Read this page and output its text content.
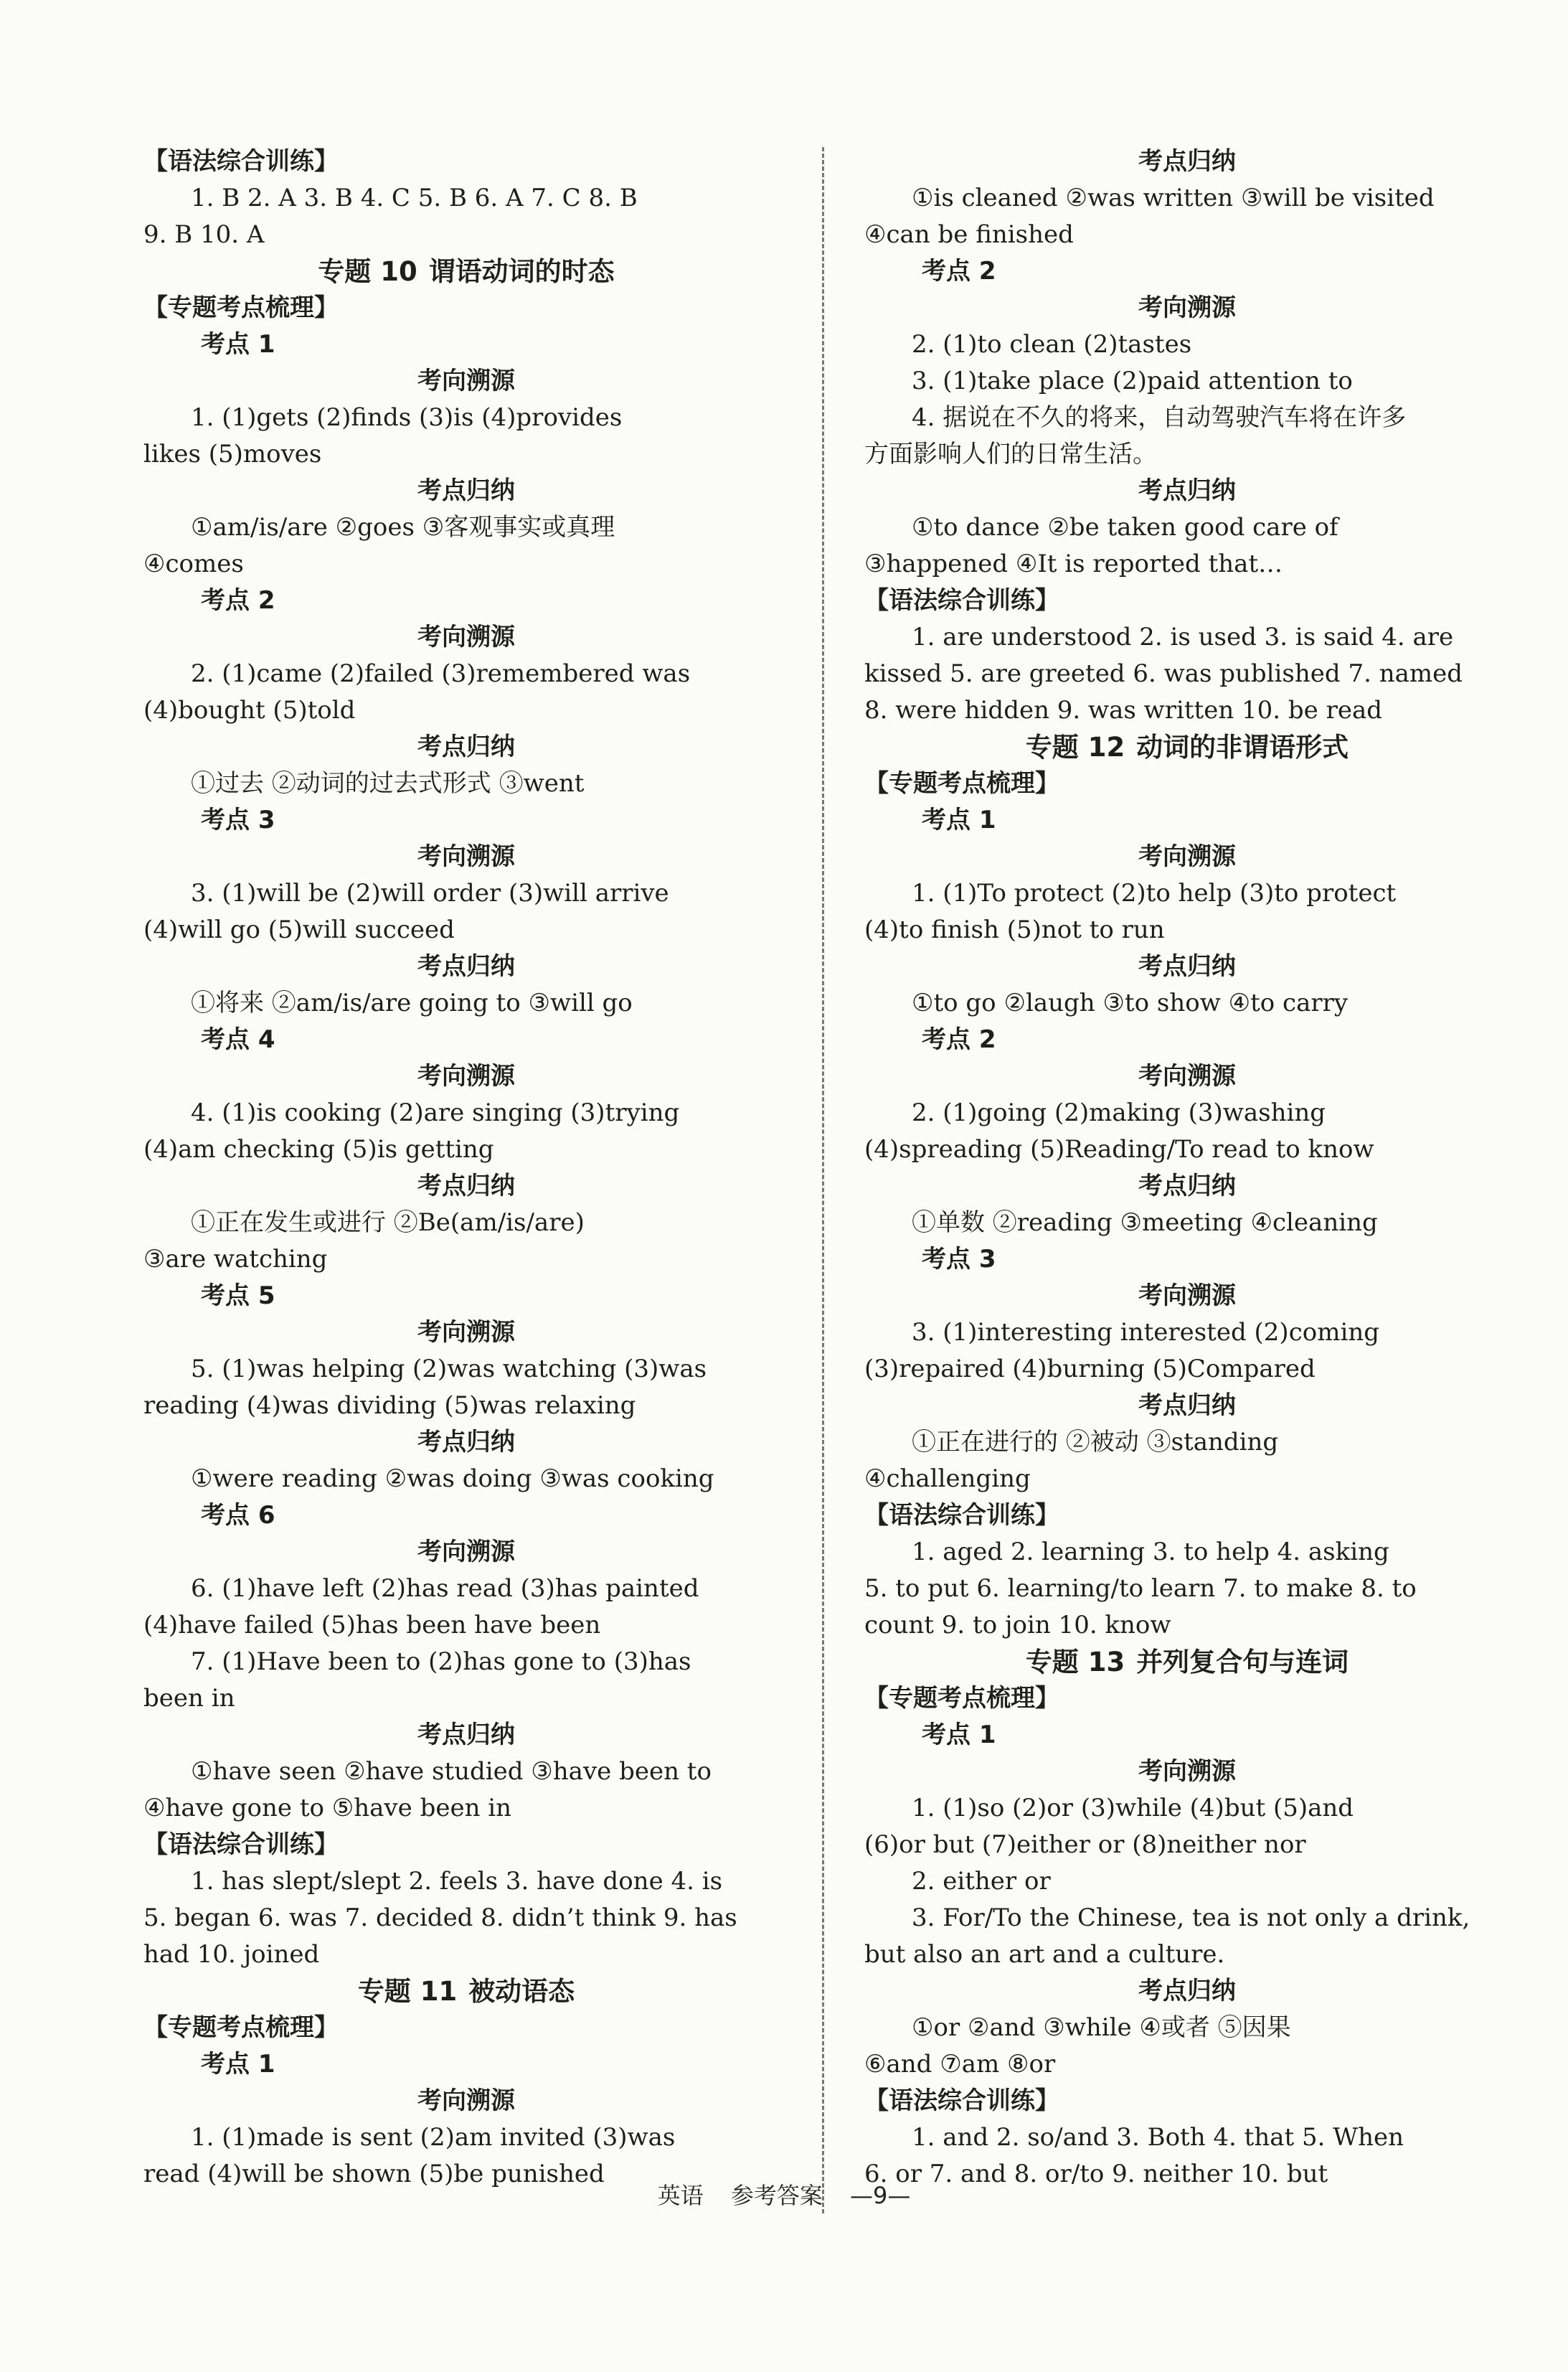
【语法综合训练】
1. B 2. A 3. B 4. C 5. B 6. A 7. C 8. B
9. B 10. A
专题 10 谓语动词的时态
【专题考点梳理】
考点 1
考向溯源
1. (1)gets (2)finds (3)is (4)provides
likes (5)moves
考点归纳
①am/is/are ②goes ③客观事实或真理
④comes
考点 2
考向溯源
2. (1)came (2)failed (3)remembered was
(4)bought (5)told
考点归纳
①过去 ②动词的过去式形式 ③went
考点 3
考向溯源
3. (1)will be (2)will order (3)will arrive
(4)will go (5)will succeed
考点归纳
①将来 ②am/is/are going to ③will go
考点 4
考向溯源
4. (1)is cooking (2)are singing (3)trying
(4)am checking (5)is getting
考点归纳
①正在发生或进行 ②Be(am/is/are)
③are watching
考点 5
考向溯源
5. (1)was helping (2)was watching (3)was
reading (4)was dividing (5)was relaxing
考点归纳
①were reading ②was doing ③was cooking
考点 6
考向溯源
6. (1)have left (2)has read (3)has painted
(4)have failed (5)has been have been
7. (1)Have been to (2)has gone to (3)has
been in
考点归纳
①have seen ②have studied ③have been to
④have gone to ⑤have been in
【语法综合训练】
1. has slept/slept 2. feels 3. have done 4. is
5. began 6. was 7. decided 8. didn’t think 9. has
had 10. joined
专题 11 被动语态
【专题考点梳理】
考点 1
考向溯源
1. (1)made is sent (2)am invited (3)was
read (4)will be shown (5)be punished
考点归纳
①is cleaned ②was written ③will be visited
④can be finished
考点 2
考向溯源
2. (1)to clean (2)tastes
3. (1)take place (2)paid attention to
4. 据说在不久的将来，自动驾驶汽车将在许多
方面影响人们的日常生活。
考点归纳
①to dance ②be taken good care of
③happened ④It is reported that…
【语法综合训练】
1. are understood 2. is used 3. is said 4. are
kissed 5. are greeted 6. was published 7. named
8. were hidden 9. was written 10. be read
专题 12 动词的非谓语形式
【专题考点梳理】
考点 1
考向溯源
1. (1)To protect (2)to help (3)to protect
(4)to finish (5)not to run
考点归纳
①to go ②laugh ③to show ④to carry
考点 2
考向溯源
2. (1)going (2)making (3)washing
(4)spreading (5)Reading/To read to know
考点归纳
①单数 ②reading ③meeting ④cleaning
考点 3
考向溯源
3. (1)interesting interested (2)coming
(3)repaired (4)burning (5)Compared
考点归纳
①正在进行的 ②被动 ③standing
④challenging
【语法综合训练】
1. aged 2. learning 3. to help 4. asking
5. to put 6. learning/to learn 7. to make 8. to
count 9. to join 10. know
专题 13 并列复合句与连词
【专题考点梳理】
考点 1
考向溯源
1. (1)so (2)or (3)while (4)but (5)and
(6)or but (7)either or (8)neither nor
2. either or
3. For/To the Chinese, tea is not only a drink,
but also an art and a culture.
考点归纳
①or ②and ③while ④或者 ⑤因果
⑥and ⑦am ⑧or
【语法综合训练】
1. and 2. so/and 3. Both 4. that 5. When
6. or 7. and 8. or/to 9. neither 10. but
英语 参考答案 —9—
